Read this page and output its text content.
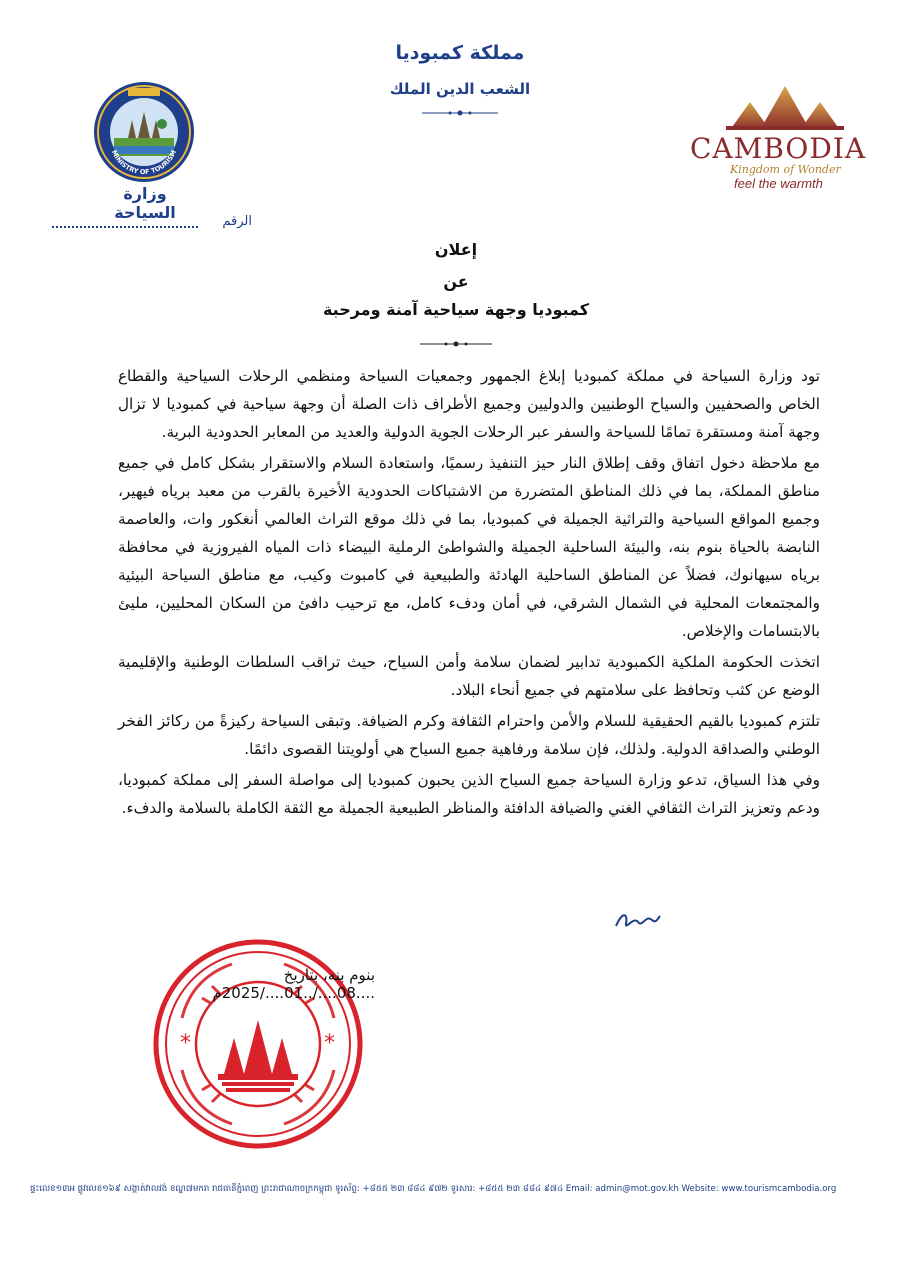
مملكة كمبوديا
الشعب الدين الملك
MINISTRY OF TOURISM
وزارة السياحة	الرقم
CAMBODIA
Kingdom of Wonder
feel the warmth
إعلان
عن
كمبوديا وجهة سياحية آمنة ومرحبة

تود وزارة السياحة في مملكة كمبوديا إبلاغ الجمهور وجمعيات السياحة ومنظمي الرحلات السياحية والقطاع الخاص والصحفيين والسياح الوطنيين والدوليين وجميع الأطراف ذات الصلة أن وجهة سياحية في كمبوديا لا تزال وجهة آمنة ومستقرة تمامًا للسياحة والسفر عبر الرحلات الجوية الدولية والعديد من المعابر الحدودية البرية.

مع ملاحظة دخول اتفاق وقف إطلاق النار حيز التنفيذ رسميًا، واستعادة السلام والاستقرار بشكل كامل في جميع مناطق المملكة، بما في ذلك المناطق المتضررة من الاشتباكات الحدودية الأخيرة بالقرب من معبد برياه فيهير، وجميع المواقع السياحية والتراثية الجميلة في كمبوديا، بما في ذلك موقع التراث العالمي أنغكور وات، والعاصمة النابضة بالحياة بنوم بنه، والبيئة الساحلية الجميلة والشواطئ الرملية البيضاء ذات المياه الفيروزية في محافظة برياه سيهانوك، فضلاً عن المناطق الساحلية الهادئة والطبيعية في كامبوت وكيب، مع مناطق السياحة البيئية والمجتمعات المحلية في الشمال الشرقي، في أمان ودفء كامل، مع ترحيب دافئ من السكان المحليين، مليئ بالابتسامات والإخلاص.

اتخذت الحكومة الملكية الكمبودية تدابير لضمان سلامة وأمن السياح، حيث تراقب السلطات الوطنية والإقليمية الوضع عن كثب وتحافظ على سلامتهم في جميع أنحاء البلاد.

تلتزم كمبوديا بالقيم الحقيقية للسلام والأمن واحترام الثقافة وكرم الضيافة. وتبقى السياحة ركيزةً من ركائز الفخر الوطني والصداقة الدولية. ولذلك، فإن سلامة ورفاهية جميع السياح هي أولويتنا القصوى دائمًا.

وفي هذا السياق، تدعو وزارة السياحة جميع السياح الذين يحبون كمبوديا إلى مواصلة السفر إلى مملكة كمبوديا، ودعم وتعزيز التراث الثقافي الغني والضيافة الدافئة والمناظر الطبيعية الجميلة مع الثقة الكاملة بالسلامة والدفء.

*	*
بنوم بنه، بتاريخ ....08..../..01..../2025م
ផ្ទះលេខ១៣អ ផ្លូវលេខ១៦៩ សង្កាត់វាលវង់ ខណ្ឌ៧មករា រាជធានីភ្នំពេញ ព្រះរាជាណាចក្រកម្ពុជា ទូរស័ព្ទ: +៨៥៥ ២៣ ៨៨៤ ៩៧២ ទូរសារ: +៨៥៥ ២៣ ៨៨៤ ៩៧៤ Email: admin@mot.gov.kh Website: www.tourismcambodia.org
